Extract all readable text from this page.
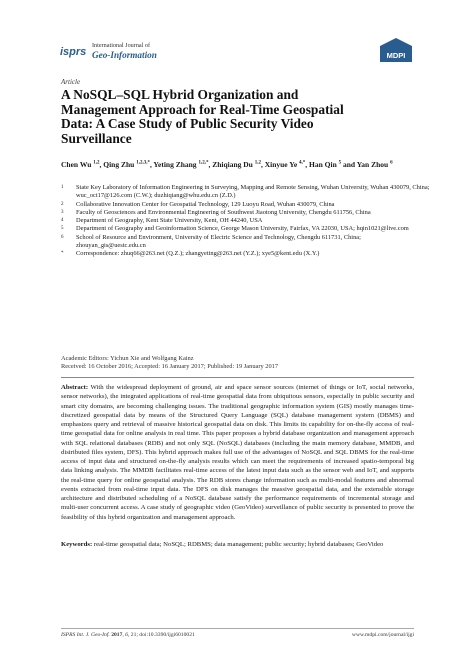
isprs
International Journal of
Geo-Information	MDPI
Article
A NoSQL–SQL Hybrid Organization and Management Approach for Real-Time Geospatial Data: A Case Study of Public Security Video Surveillance
Chen Wu $^{1,2}$, Qing Zhu $^{1,2,3,*}$, Yeting Zhang $^{1,2,*}$, Zhiqiang Du $^{1,2}$, Xinyue Ye $^{4,*}$, Han Qin $^5$ and Yan Zhou $^6$
1 State Key Laboratory of Information Engineering in Surveying, Mapping and Remote Sensing, Wuhan University, Wuhan 430079, China; wuc_oct17@126.com (C.W.); duzhiqiang@whu.edu.cn (Z.D.)
2 Collaborative Innovation Center for Geospatial Technology, 129 Luoyu Road, Wuhan 430079, China
3 Faculty of Geosciences and Environmental Engineering of Southwest Jiaotong University, Chengdu 611756, China
4 Department of Geography, Kent State University, Kent, OH 44240, USA
5 Department of Geography and Geoinformation Science, George Mason University, Fairfax, VA 22030, USA; hqin1021@live.com
6 School of Resource and Environment, University of Electric Science and Technology, Chengdu 611731, China; zhouyan_gis@uestc.edu.cn
* Correspondence: zhuq66@263.net (Q.Z.); zhangyeting@263.net (Y.Z.); xye5@kent.edu (X.Y.)
Academic Editors: Yichun Xie and Wolfgang Kainz
Received: 16 October 2016; Accepted: 16 January 2017; Published: 19 January 2017
Abstract: With the widespread deployment of ground, air and space sensor sources (internet of things or IoT, social networks, sensor networks), the integrated applications of real-time geospatial data from ubiquitous sensors, especially in public security and smart city domains, are becoming challenging issues. The traditional geographic information system (GIS) mostly manages time-discretized geospatial data by means of the Structured Query Language (SQL) database management system (DBMS) and emphasizes query and retrieval of massive historical geospatial data on disk. This limits its capability for on-the-fly access of real-time geospatial data for online analysis in real time. This paper proposes a hybrid database organization and management approach with SQL relational databases (RDB) and not only SQL (NoSQL) databases (including the main memory database, MMDB, and distributed files system, DFS). This hybrid approach makes full use of the advantages of NoSQL and SQL DBMS for the real-time access of input data and structured on-the-fly analysis results which can meet the requirements of increased spatio-temporal big data linking analysis. The MMDB facilitates real-time access of the latest input data such as the sensor web and IoT, and supports the real-time query for online geospatial analysis. The RDB stores change information such as multi-modal features and abnormal events extracted from real-time input data. The DFS on disk manages the massive geospatial data, and the extensible storage architecture and distributed scheduling of a NoSQL database satisfy the performance requirements of incremental storage and multi-user concurrent access. A case study of geographic video (GeoVideo) surveillance of public security is presented to prove the feasibility of this hybrid organization and management approach.
Keywords: real-time geospatial data; NoSQL; RDBMS; data management; public security; hybrid databases; GeoVideo
ISPRS Int. J. Geo-Inf. 2017, 6, 21; doi:10.3390/ijgi6010021	www.mdpi.com/journal/ijgi
